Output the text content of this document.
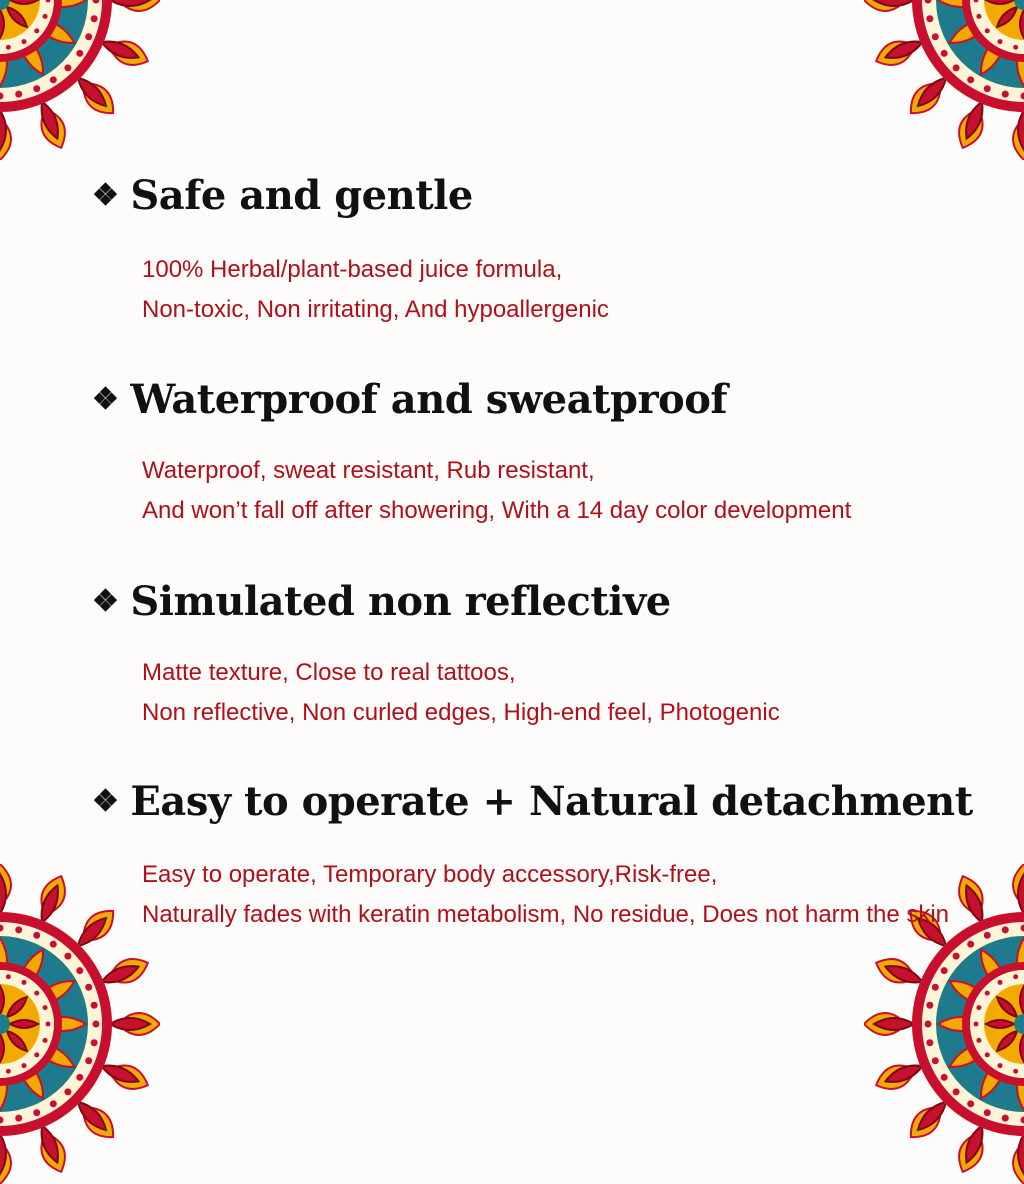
❖ Safe and gentle
100% Herbal/plant-based juice formula,
Non-toxic, Non irritating, And hypoallergenic
❖ Waterproof and sweatproof
Waterproof, sweat resistant, Rub resistant,
And won’t fall off after showering, With a 14 day color development
❖ Simulated non reflective
Matte texture, Close to real tattoos,
Non reflective, Non curled edges, High-end feel, Photogenic
❖ Easy to operate + Natural detachment
Easy to operate, Temporary body accessory,Risk-free,
Naturally fades with keratin metabolism, No residue, Does not harm the skin
